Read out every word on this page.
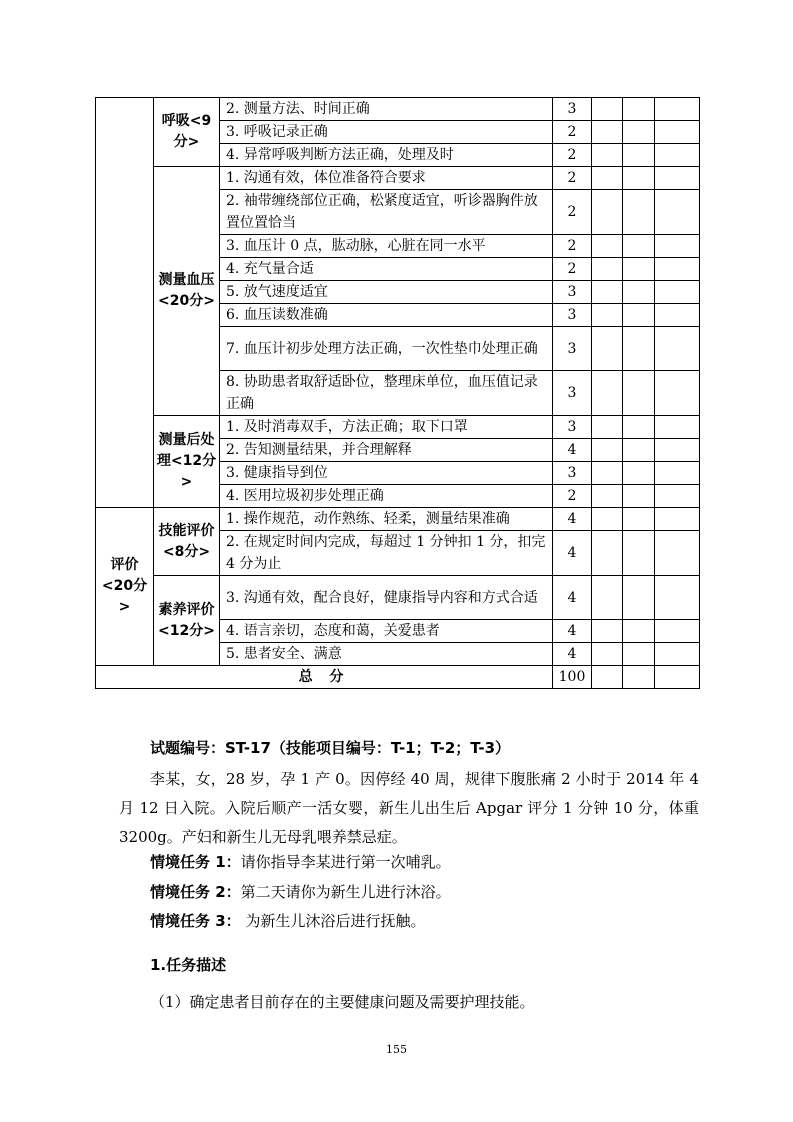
	呼吸<9分>	2. 测量方法、时间正确	3			
		3. 呼吸记录正确	2			
		4. 异常呼吸判断方法正确，处理及时	2			
	测量血压<20分>	1. 沟通有效，体位准备符合要求	2			
		2. 袖带缠绕部位正确，松紧度适宜，听诊器胸件放置位置恰当	2			
		3. 血压计 0 点，肱动脉，心脏在同一水平	2			
		4. 充气量合适	2			
		5. 放气速度适宜	3			
		6. 血压读数准确	3			
		7. 血压计初步处理方法正确，一次性垫巾处理正确	3			
		8. 协助患者取舒适卧位，整理床单位，血压值记录正确	3			
	测量后处理<12分>	1. 及时消毒双手，方法正确；取下口罩	3			
		2. 告知测量结果，并合理解释	4			
		3. 健康指导到位	3			
		4. 医用垃圾初步处理正确	2			
评价<20分>	技能评价<8分>	1. 操作规范，动作熟练、轻柔，测量结果准确	4			
		2. 在规定时间内完成，每超过 1 分钟扣 1 分，扣完 4 分为止	4			
	素养评价<12分>	3. 沟通有效，配合良好，健康指导内容和方式合适	4			
		4. 语言亲切，态度和蔼，关爱患者	4			
		5. 患者安全、满意	4			
总 分			100			
试题编号：ST-17（技能项目编号：T-1；T-2；T-3）
李某，女，28 岁，孕 1 产 0。因停经 40 周，规律下腹胀痛 2 小时于 2014 年 4 月 12 日入院。入院后顺产一活女婴，新生儿出生后 Apgar 评分 1 分钟 10 分，体重 3200g。产妇和新生儿无母乳喂养禁忌症。
情境任务 1：请你指导李某进行第一次哺乳。
情境任务 2：第二天请你为新生儿进行沐浴。
情境任务 3： 为新生儿沐浴后进行抚触。
1.任务描述
（1）确定患者目前存在的主要健康问题及需要护理技能。
155
